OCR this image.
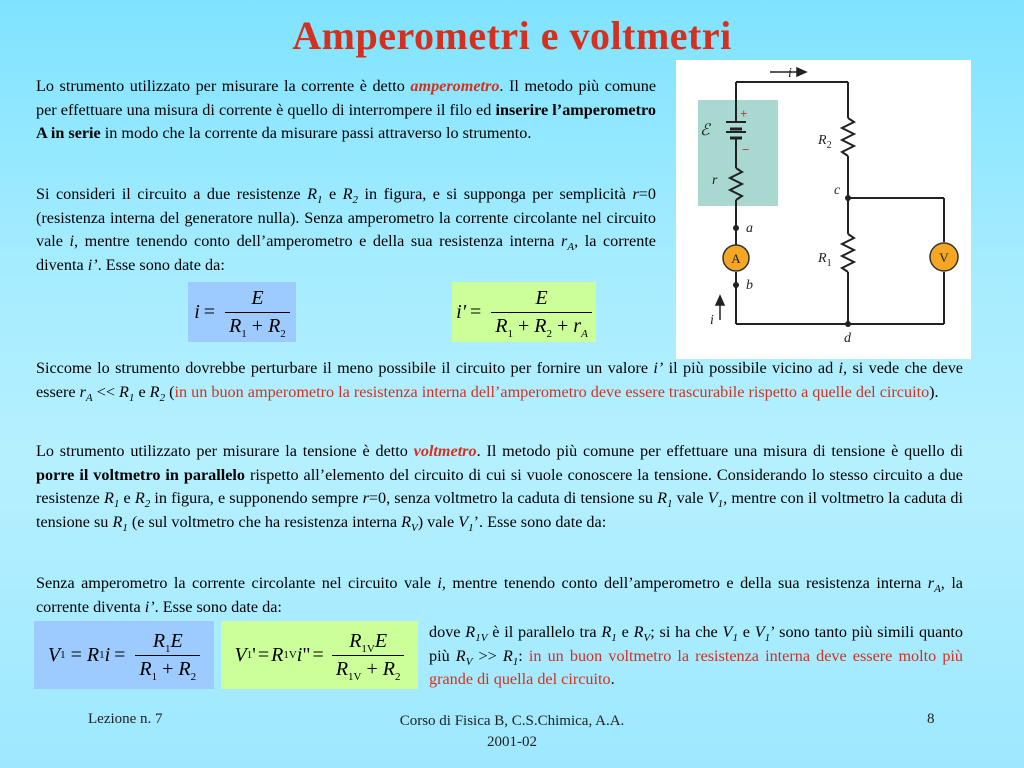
Amperometri e voltmetri
Lo strumento utilizzato per misurare la corrente è detto amperometro. Il metodo più comune per effettuare una misura di corrente è quello di interrompere il filo ed inserire l’amperometro A in serie in modo che la corrente da misurare passi attraverso lo strumento.
Si consideri il circuito a due resistenze $R_1$ e $R_2$ in figura, e si supponga per semplicità r=0 (resistenza interna del generatore nulla). Senza amperometro la corrente circolante nel circuito vale i, mentre tenendo conto dell’amperometro e della sua resistenza interna $r_A$, la corrente diventa i’. Esse sono date da:
$i = \frac{E}{R_1 + R_2}$	$i' = \frac{E}{R_1 + R_2 + r_A}$
i
ℰ
r
$R_2$
c
a
$R_1$
b
i
d
+
−
A	V
Siccome lo strumento dovrebbe perturbare il meno possibile il circuito per fornire un valore i’ il più possibile vicino ad i, si vede che deve essere $r_A << R_1$ e $R_2$ (in un buon amperometro la resistenza interna dell’amperometro deve essere trascurabile rispetto a quelle del circuito).
Lo strumento utilizzato per misurare la tensione è detto voltmetro. Il metodo più comune per effettuare una misura di tensione è quello di porre il voltmetro in parallelo rispetto all’elemento del circuito di cui si vuole conoscere la tensione. Considerando lo stesso circuito a due resistenze $R_1$ e $R_2$ in figura, e supponendo sempre r=0, senza voltmetro la caduta di tensione su $R_1$ vale $V_1$, mentre con il voltmetro la caduta di tensione su $R_1$ (e sul voltmetro che ha resistenza interna $R_V$) vale $V_1$’. Esse sono date da:
Senza amperometro la corrente circolante nel circuito vale i, mentre tenendo conto dell’amperometro e della sua resistenza interna $r_A$, la corrente diventa i’. Esse sono date da:
V 1 = R 1 $i = \frac{R_1E}{R_1 + R_2}$ V 1 ' = R 1V i " = $\frac{R_{1V}E}{R_{1V} + R_2}$ dove $R_{1V}$ è il parallelo tra $R_1$ e $R_V$; si ha che $V_1$ e $V_1$’ sono tanto più simili quanto più $R_V >> R_1$: in un buon voltmetro la resistenza interna deve essere molto più grande di quella del circuito.
Lezione n. 7	Corso di Fisica B, C.S.Chimica, A.A.
2001-02
8
